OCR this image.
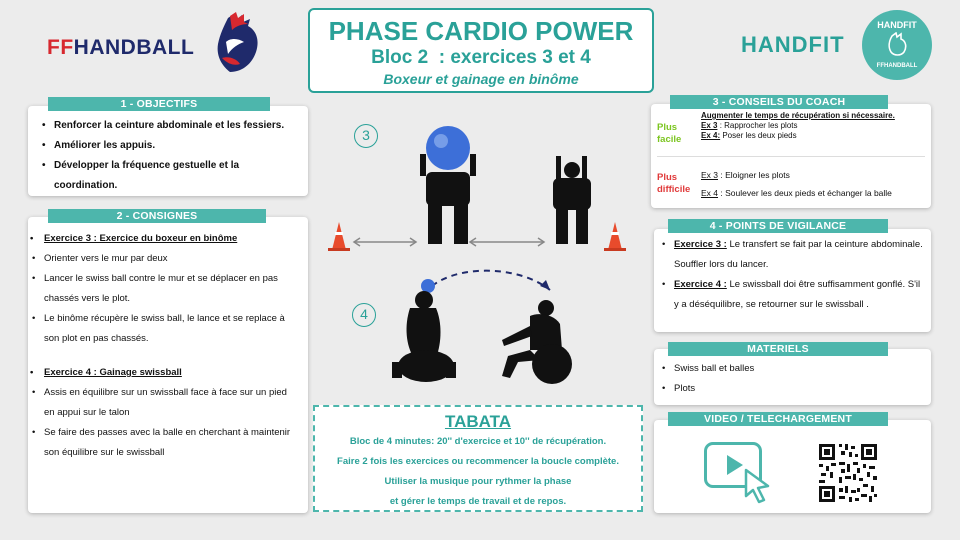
FFHANDBALL
PHASE CARDIO POWER
Bloc 2  : exercices 3 et 4
Boxeur et gainage en binôme
HANDFIT
HANDFIT
FFHANDBALL
• Renforcer la ceinture abdominale et les fessiers.
• Améliorer les appuis.
• Développer la fréquence gestuelle et la coordination.
1 - OBJECTIFS
• Exercice 3 : Exercice du boxeur en binôme
• Orienter vers le mur par deux
• Lancer le swiss ball contre le mur et se déplacer en pas chassés vers le plot.
• Le binôme récupère le swiss ball, le lance et se replace à son plot en pas chassés.
• Exercice 4 : Gainage swissball
• Assis en équilibre sur un swissball face à face sur un pied en appui sur le talon
• Se faire des passes avec la balle en cherchant à maintenir son équilibre sur le swissball
2 - CONSIGNES
3
4
TABATA
Bloc de 4 minutes: 20'' d'exercice et 10'' de récupération.
Faire 2 fois les exercices ou recommencer la boucle complète.
Utiliser la musique pour rythmer la phase
et gérer le temps de travail et de repos.
Plus
facile
Augmenter le temps de récupération si nécessaire.
Ex 3 : Rapprocher les plots
Ex 4: Poser les deux pieds
Plus
difficile
Ex 3 : Eloigner les plots
Ex 4 : Soulever les deux pieds et échanger la balle
3 - CONSEILS DU COACH
• Exercice 3 : Le transfert se fait par la ceinture abdominale. Souffler lors du lancer.
• Exercice 4 : Le swissball doi être suffisamment gonflé. S'il y a déséquilibre, se retourner sur le swissball .
4 - POINTS DE VIGILANCE
• Swiss ball et balles
• Plots
MATERIELS
VIDEO / TELECHARGEMENT
